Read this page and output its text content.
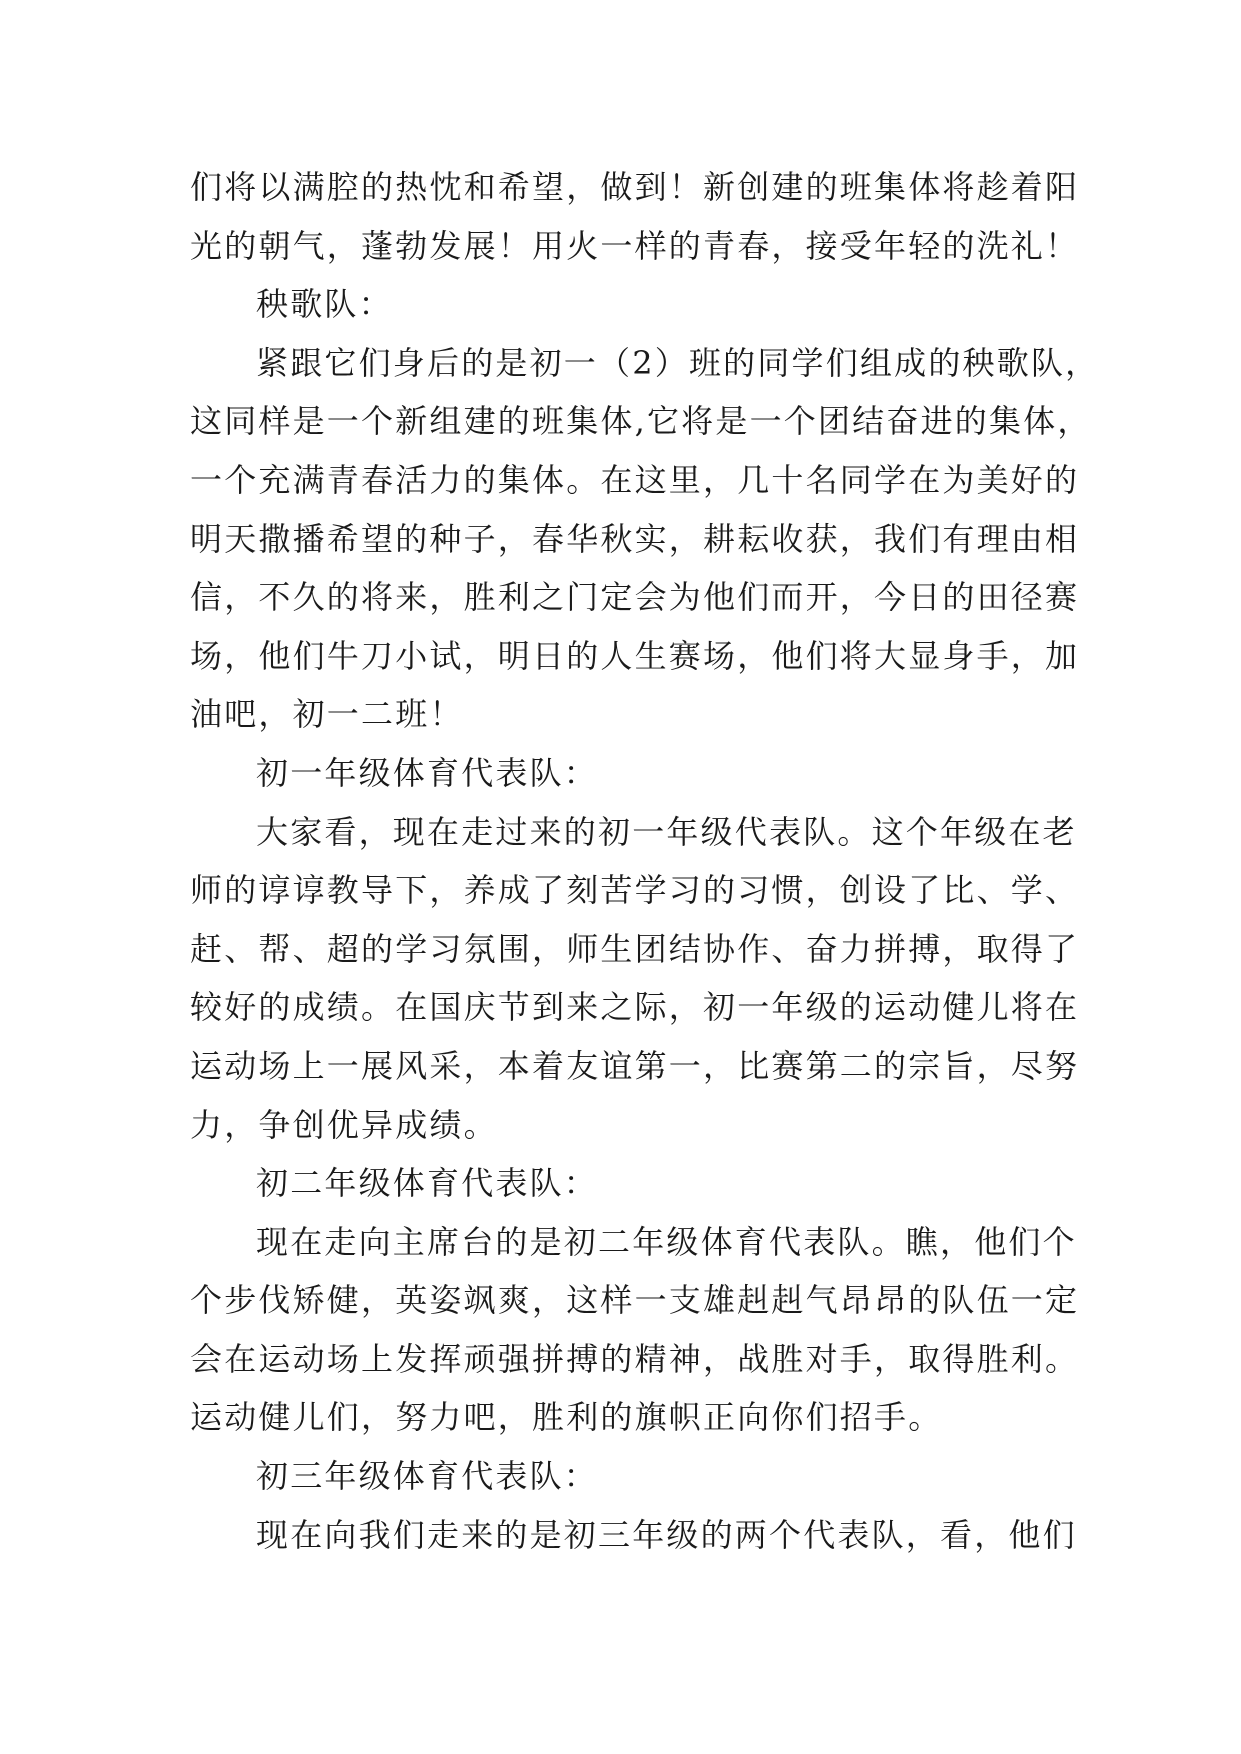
们将以满腔的热忱和希望，做到！新创建的班集体将趁着阳
光的朝气，蓬勃发展！用火一样的青春，接受年轻的洗礼！
秧歌队：
紧跟它们身后的是初一（2）班的同学们组成的秧歌队，
这同样是一个新组建的班集体,它将是一个团结奋进的集体，
一个充满青春活力的集体。在这里，几十名同学在为美好的
明天撒播希望的种子，春华秋实，耕耘收获，我们有理由相
信，不久的将来，胜利之门定会为他们而开，今日的田径赛
场，他们牛刀小试，明日的人生赛场，他们将大显身手，加
油吧，初一二班！
初一年级体育代表队：
大家看，现在走过来的初一年级代表队。这个年级在老
师的谆谆教导下，养成了刻苦学习的习惯，创设了比、学、
赶、帮、超的学习氛围，师生团结协作、奋力拼搏，取得了
较好的成绩。在国庆节到来之际，初一年级的运动健儿将在
运动场上一展风采，本着友谊第一，比赛第二的宗旨，尽努
力，争创优异成绩。
初二年级体育代表队：
现在走向主席台的是初二年级体育代表队。瞧，他们个
个步伐矫健，英姿飒爽，这样一支雄赳赳气昂昂的队伍一定
会在运动场上发挥顽强拼搏的精神，战胜对手，取得胜利。
运动健儿们，努力吧，胜利的旗帜正向你们招手。
初三年级体育代表队：
现在向我们走来的是初三年级的两个代表队，看，他们
